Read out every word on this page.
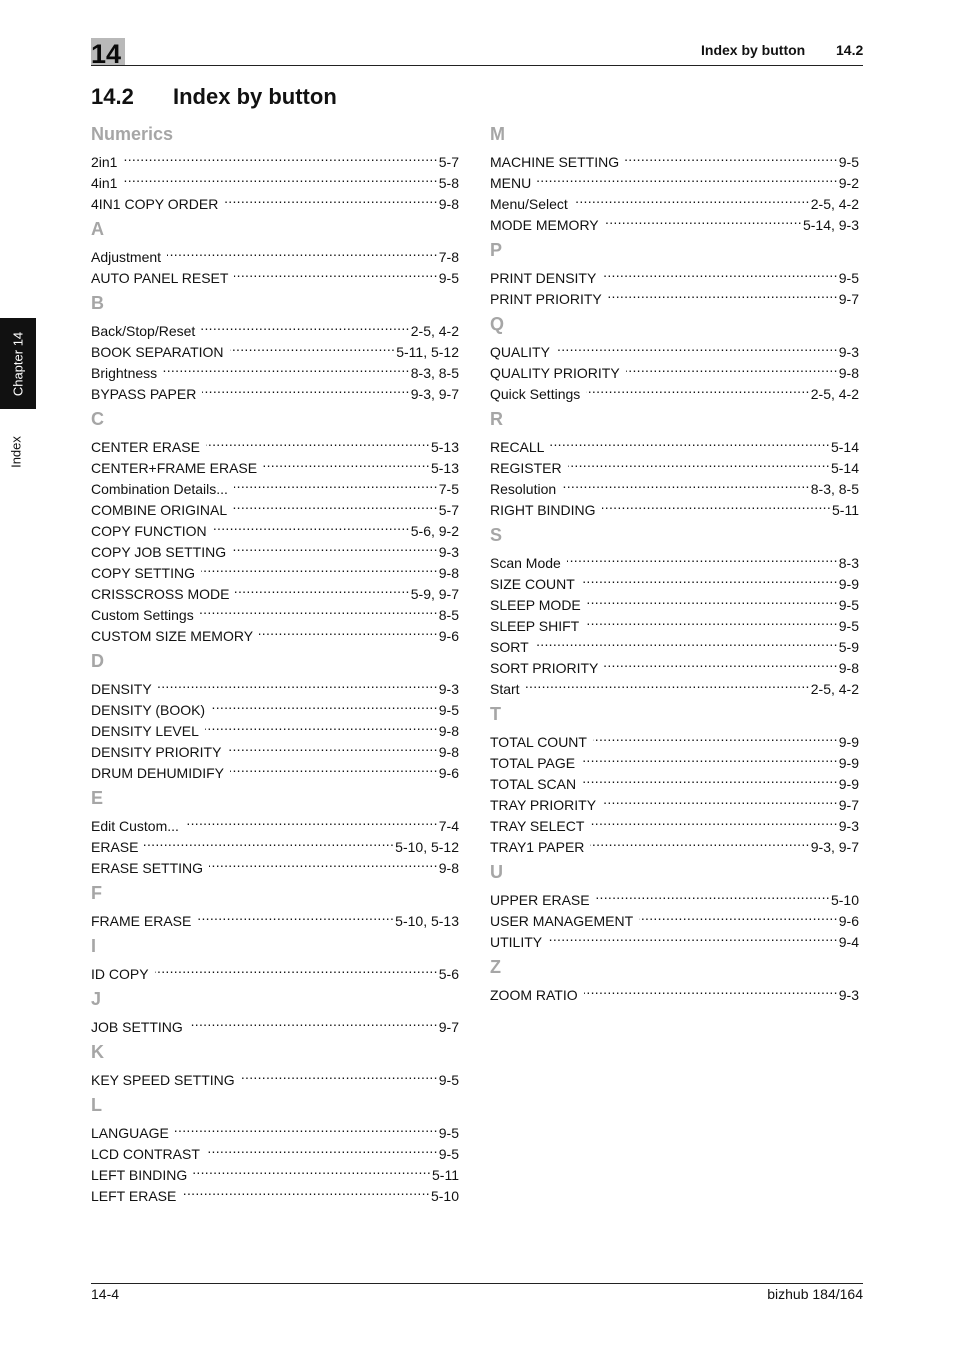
14	Index by button 14.2
14.2 Index by button
Chapter 14
Index
Numerics
2in1 .....	5-7
4in1 .....	5-8
4IN1 COPY ORDER .....	9-8
A
Adjustment .....	7-8
AUTO PANEL RESET .....	9-5
B
Back/Stop/Reset .....	2-5, 4-2
BOOK SEPARATION .....	5-11, 5-12
Brightness .....	8-3, 8-5
BYPASS PAPER .....	9-3, 9-7
C
CENTER ERASE .....	5-13
CENTER+FRAME ERASE .....	5-13
Combination Details... .....	7-5
COMBINE ORIGINAL .....	5-7
COPY FUNCTION .....	5-6, 9-2
COPY JOB SETTING .....	9-3
COPY SETTING .....	9-8
CRISSCROSS MODE .....	5-9, 9-7
Custom Settings .....	8-5
CUSTOM SIZE MEMORY .....	9-6
D
DENSITY .....	9-3
DENSITY (BOOK) .....	9-5
DENSITY LEVEL .....	9-8
DENSITY PRIORITY .....	9-8
DRUM DEHUMIDIFY .....	9-6
E
Edit Custom... .....	7-4
ERASE .....	5-10, 5-12
ERASE SETTING .....	9-8
F
FRAME ERASE .....	5-10, 5-13
I
ID COPY .....	5-6
J
JOB SETTING .....	9-7
K
KEY SPEED SETTING .....	9-5
L
LANGUAGE .....	9-5
LCD CONTRAST .....	9-5
LEFT BINDING .....	5-11
LEFT ERASE .....	5-10
M
MACHINE SETTING .....	9-5
MENU .....	9-2
Menu/Select .....	2-5, 4-2
MODE MEMORY .....	5-14, 9-3
P
PRINT DENSITY .....	9-5
PRINT PRIORITY .....	9-7
Q
QUALITY .....	9-3
QUALITY PRIORITY .....	9-8
Quick Settings .....	2-5, 4-2
R
RECALL .....	5-14
REGISTER .....	5-14
Resolution .....	8-3, 8-5
RIGHT BINDING .....	5-11
S
Scan Mode .....	8-3
SIZE COUNT .....	9-9
SLEEP MODE .....	9-5
SLEEP SHIFT .....	9-5
SORT .....	5-9
SORT PRIORITY .....	9-8
Start .....	2-5, 4-2
T
TOTAL COUNT .....	9-9
TOTAL PAGE .....	9-9
TOTAL SCAN .....	9-9
TRAY PRIORITY .....	9-7
TRAY SELECT .....	9-3
TRAY1 PAPER .....	9-3, 9-7
U
UPPER ERASE .....	5-10
USER MANAGEMENT .....	9-6
UTILITY .....	9-4
Z
ZOOM RATIO .....	9-3
14-4	bizhub 184/164
